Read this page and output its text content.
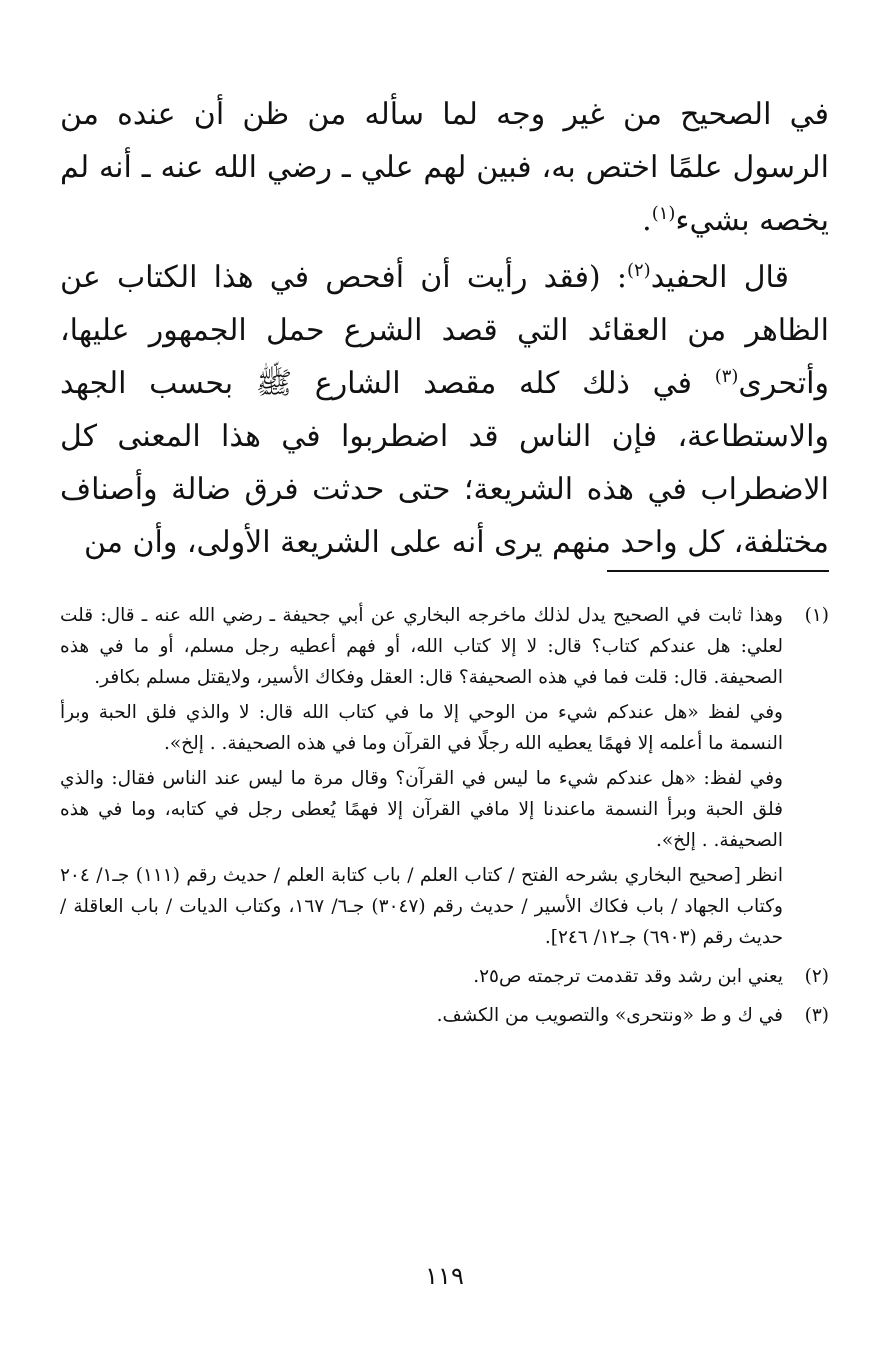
في الصحيح من غير وجه لما سأله من ظن أن عنده من الرسول علمًا اختص به، فبين لهم علي ـ رضي الله عنه ـ أنه لم يخصه بشيء$^{(١)}$.

قال الحفيد$^{(٢)}$: (فقد رأيت أن أفحص في هذا الكتاب عن الظاهر من العقائد التي قصد الشرع حمل الجمهور عليها، وأتحرى$^{(٣)}$ في ذلك كله مقصد الشارع ﷺ بحسب الجهد والاستطاعة، فإن الناس قد اضطربوا في هذا المعنى كل الاضطراب في هذه الشريعة؛ حتى حدثت فرق ضالة وأصناف مختلفة، كل واحد منهم يرى أنه على الشريعة الأولى، وأن من

(١)

وهذا ثابت في الصحيح يدل لذلك ماخرجه البخاري عن أبي جحيفة ـ رضي الله عنه ـ قال: قلت لعلي: هل عندكم كتاب؟ قال: لا إلا كتاب الله، أو فهم أعطيه رجل مسلم، أو ما في هذه الصحيفة. قال: قلت فما في هذه الصحيفة؟ قال: العقل وفكاك الأسير، ولايقتل مسلم بكافر.

وفي لفظ «هل عندكم شيء من الوحي إلا ما في كتاب الله قال: لا والذي فلق الحبة وبرأ النسمة ما أعلمه إلا فهمًا يعطيه الله رجلًا في القرآن وما في هذه الصحيفة. . إلخ».

وفي لفظ: «هل عندكم شيء ما ليس في القرآن؟ وقال مرة ما ليس عند الناس فقال: والذي فلق الحبة وبرأ النسمة ماعندنا إلا مافي القرآن إلا فهمًا يُعطى رجل في كتابه، وما في هذه الصحيفة. . إلخ».

انظر [صحيح البخاري بشرحه الفتح / كتاب العلم / باب كتابة العلم / حديث رقم (١١١) جـ١/ ٢٠٤ وكتاب الجهاد / باب فكاك الأسير / حديث رقم (٣٠٤٧) جـ٦/ ١٦٧، وكتاب الديات / باب العاقلة / حديث رقم (٦٩٠٣) جـ١٢/ ٢٤٦].

(٢)

يعني ابن رشد وقد تقدمت ترجمته ص٢٥.

(٣)

في ك و ط «ونتحرى» والتصويب من الكشف.

١١٩
